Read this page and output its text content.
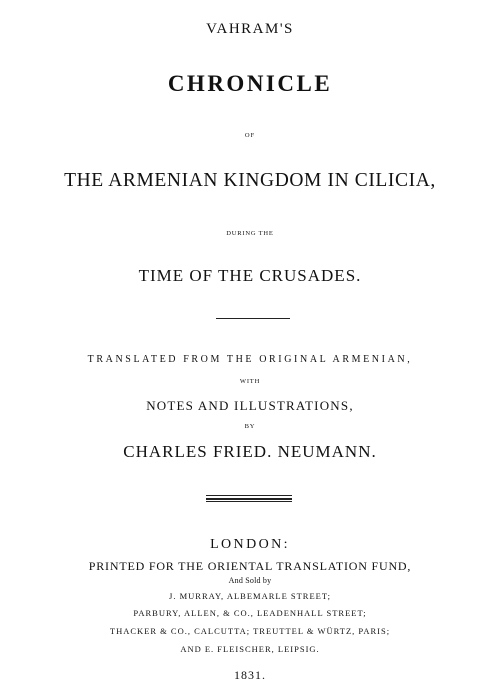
VAHRAM'S
CHRONICLE
OF
THE ARMENIAN KINGDOM IN CILICIA,
DURING THE
TIME OF THE CRUSADES.
TRANSLATED FROM THE ORIGINAL ARMENIAN,
WITH
NOTES AND ILLUSTRATIONS,
BY
CHARLES FRIED. NEUMANN.
LONDON:
PRINTED FOR THE ORIENTAL TRANSLATION FUND,
And Sold by
J. MURRAY, ALBEMARLE STREET;
PARBURY, ALLEN, & CO., LEADENHALL STREET;
THACKER & CO., CALCUTTA; TREUTTEL & WÜRTZ, PARIS;
AND E. FLEISCHER, LEIPSIG.
1831.
